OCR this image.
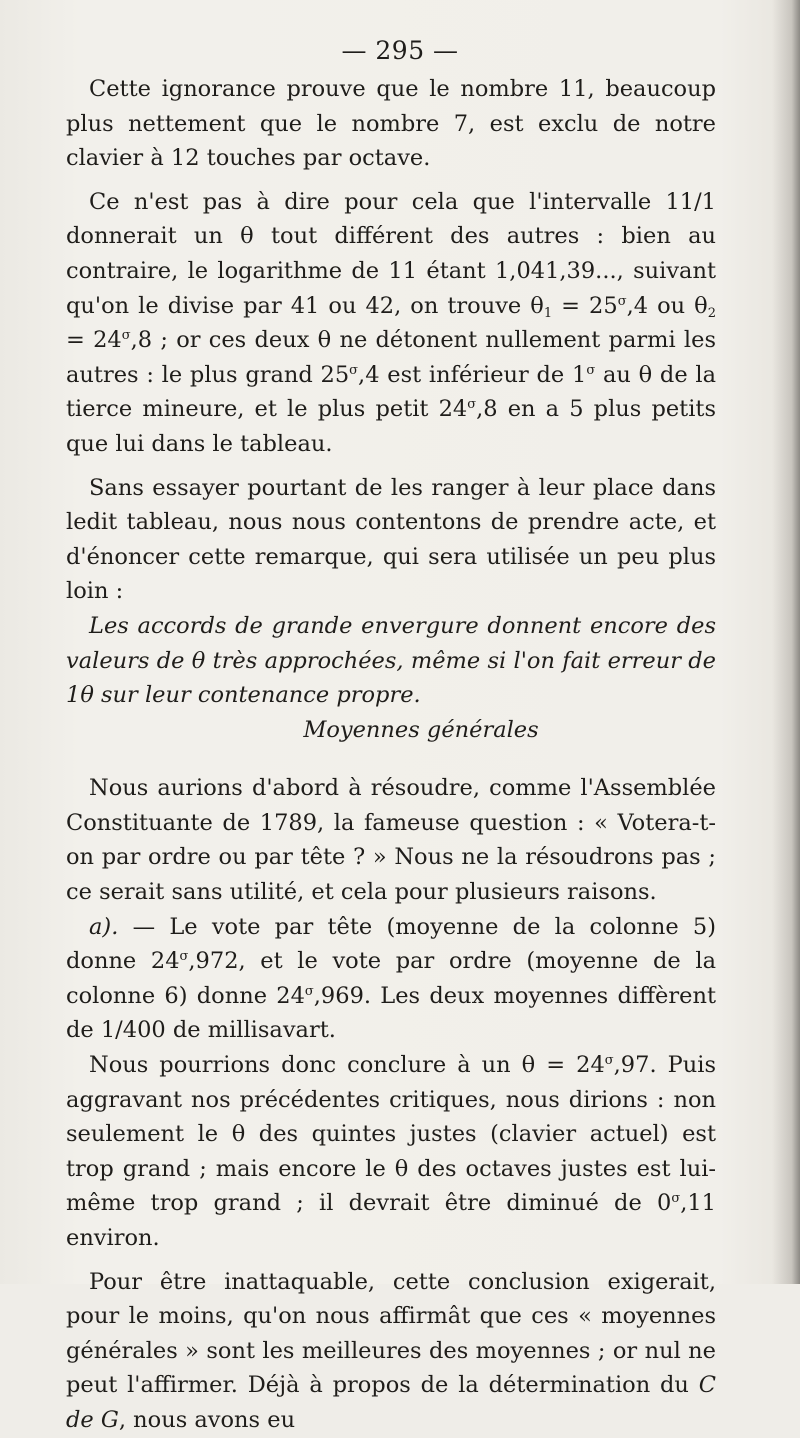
— 295 —

Cette ignorance prouve que le nombre 11, beaucoup plus nettement que le nombre 7, est exclu de notre clavier à 12 touches par octave.

Ce n'est pas à dire pour cela que l'intervalle 11/1 donnerait un θ tout différent des autres : bien au contraire, le logarithme de 11 étant 1,041,39..., suivant qu'on le divise par 41 ou 42, on trouve $\theta_1 = 25^\sigma,4$ ou $\theta_2 = 24^\sigma,8$ ; or ces deux θ ne détonent nullement parmi les autres : le plus grand $25^\sigma,4$ est inférieur de $1^\sigma$ au θ de la tierce mineure, et le plus petit $24^\sigma,8$ en a 5 plus petits que lui dans le tableau.

Sans essayer pourtant de les ranger à leur place dans ledit tableau, nous nous contentons de prendre acte, et d'énoncer cette remarque, qui sera utilisée un peu plus loin :

Les accords de grande envergure donnent encore des valeurs de θ très approchées, même si l'on fait erreur de 1θ sur leur contenance propre.

Moyennes générales

Nous aurions d'abord à résoudre, comme l'Assemblée Constituante de 1789, la fameuse question : « Votera-t-on par ordre ou par tête ? » Nous ne la résoudrons pas ; ce serait sans utilité, et cela pour plusieurs raisons.

a). — Le vote par tête (moyenne de la colonne 5) donne $24^\sigma,972$, et le vote par ordre (moyenne de la colonne 6) donne $24^\sigma,969$. Les deux moyennes diffèrent de 1/400 de millisavart.

Nous pourrions donc conclure à un $\theta = 24^\sigma,97$. Puis aggravant nos précédentes critiques, nous dirions : non seulement le θ des quintes justes (clavier actuel) est trop grand ; mais encore le θ des octaves justes est lui-même trop grand ; il devrait être diminué de $0^\sigma,11$ environ.

Pour être inattaquable, cette conclusion exigerait, pour le moins, qu'on nous affirmât que ces « moyennes générales » sont les meilleures des moyennes ; or nul ne peut l'affirmer. Déjà à propos de la détermination du C de G, nous avons eu
